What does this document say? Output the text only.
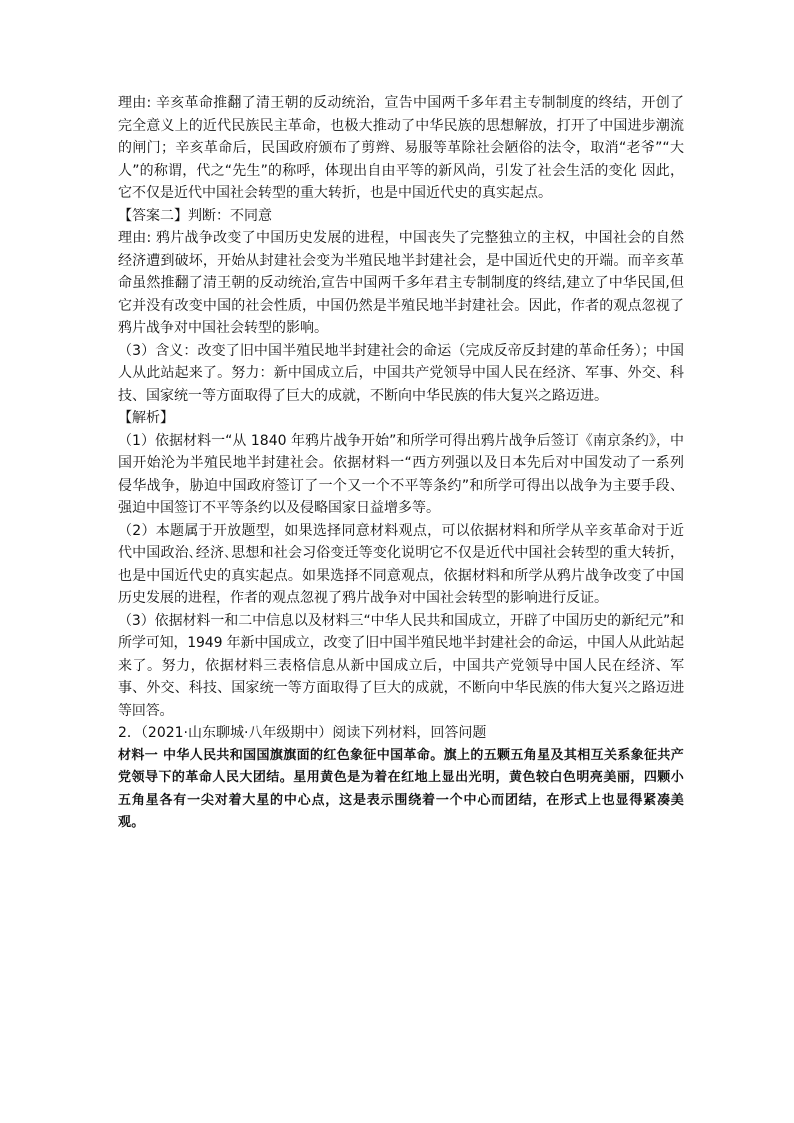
理由: 辛亥革命推翻了清王朝的反动统治，宣告中国两千多年君主专制制度的终结，开创了完全意义上的近代民族民主革命，也极大推动了中华民族的思想解放，打开了中国进步潮流的闸门；辛亥革命后，民国政府颁布了剪辫、易服等革除社会陋俗的法令，取消“老爷”“大人”的称谓，代之“先生”的称呼，体现出自由平等的新风尚，引发了社会生活的变化 因此，它不仅是近代中国社会转型的重大转折，也是中国近代史的真实起点。

【答案二】判断：不同意

理由: 鸦片战争改变了中国历史发展的进程，中国丧失了完整独立的主权，中国社会的自然经济遭到破坏，开始从封建社会变为半殖民地半封建社会，是中国近代史的开端。而辛亥革命虽然推翻了清王朝的反动统治,宣告中国两千多年君主专制制度的终结,建立了中华民国,但它并没有改变中国的社会性质，中国仍然是半殖民地半封建社会。因此，作者的观点忽视了鸦片战争对中国社会转型的影响。

（3）含义：改变了旧中国半殖民地半封建社会的命运（完成反帝反封建的革命任务）；中国人从此站起来了。努力：新中国成立后，中国共产党领导中国人民在经济、军事、外交、科技、国家统一等方面取得了巨大的成就，不断向中华民族的伟大复兴之路迈进。

【解析】

（1）依据材料一“从 1840 年鸦片战争开始”和所学可得出鸦片战争后签订《南京条约》，中国开始沦为半殖民地半封建社会。依据材料一“西方列强以及日本先后对中国发动了一系列侵华战争，胁迫中国政府签订了一个又一个不平等条约”和所学可得出以战争为主要手段、强迫中国签订不平等条约以及侵略国家日益增多等。

（2）本题属于开放题型，如果选择同意材料观点，可以依据材料和所学从辛亥革命对于近代中国政治､经济､思想和社会习俗变迁等变化说明它不仅是近代中国社会转型的重大转折，也是中国近代史的真实起点。如果选择不同意观点，依据材料和所学从鸦片战争改变了中国历史发展的进程，作者的观点忽视了鸦片战争对中国社会转型的影响进行反证。

（3）依据材料一和二中信息以及材料三“中华人民共和国成立，开辟了中国历史的新纪元”和所学可知，1949 年新中国成立，改变了旧中国半殖民地半封建社会的命运，中国人从此站起来了。努力，依据材料三表格信息从新中国成立后，中国共产党领导中国人民在经济、军事、外交、科技、国家统一等方面取得了巨大的成就，不断向中华民族的伟大复兴之路迈进等回答。

2．（2021·山东聊城·八年级期中）阅读下列材料，回答问题

材料一 中华人民共和国国旗旗面的红色象征中国革命。旗上的五颗五角星及其相互关系象征共产党领导下的革命人民大团结。星用黄色是为着在红地上显出光明，黄色较白色明亮美丽，四颗小五角星各有一尖对着大星的中心点，这是表示围绕着一个中心而团结，在形式上也显得紧凑美观。
